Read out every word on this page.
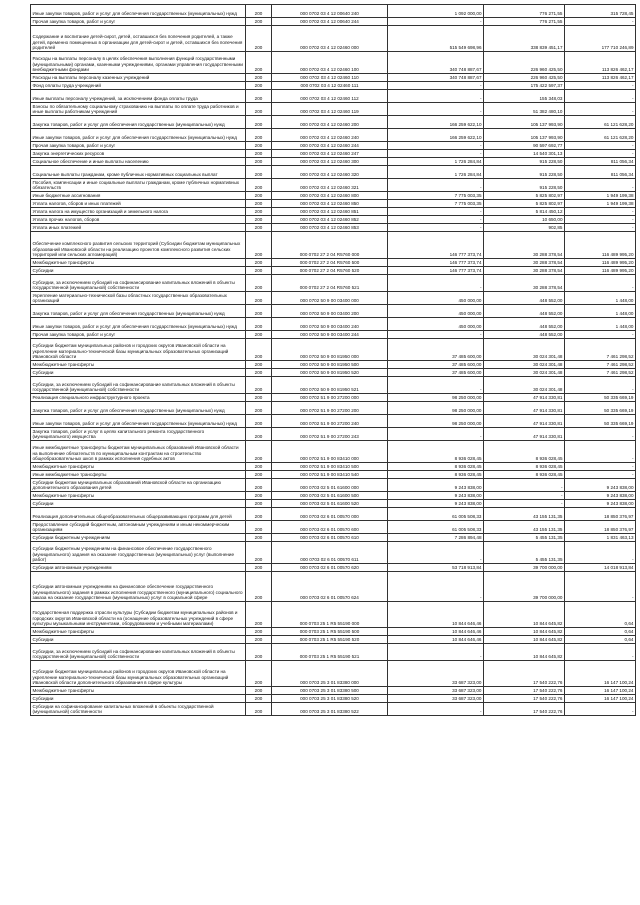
Иные закупки товаров, работ и услуг для обеспечения государственных (муниципальных) нужд	200	000 0702 03 4 12 00640 240	1 092 000,00	776 271,55	315 728,45
Прочая закупка товаров, работ и услуг	200	000 0702 03 4 12 00640 244	-	776 271,55	-
Содержание и воспитание детей-сирот, детей, оставшихся без попечения родителей, а также детей, временно помещенных в организации для детей-сирот и детей, оставшихся без попечения родителей	200	000 0702 03 4 12 02460 000	515 549 698,96	338 839 451,17	177 710 246,89
Расходы на выплаты персоналу в целях обеспечения выполнения функций государственными (муниципальными) органами, казенными учреждениями, органами управления государственными внебюджетными фондами	200	000 0702 03 4 12 02460 100	340 748 887,67	226 960 425,50	113 826 462,17
Расходы на выплаты персоналу казенных учреждений	200	000 0702 03 4 12 02460 110	340 748 887,67	226 960 425,50	113 826 462,17
Фонд оплаты труда учреждений	200	000 0702 03 4 12 02460 111	-	175 422 597,37	-
Иные выплаты персоналу учреждений, за исключением фонда оплаты труда	200	000 0702 03 4 12 02460 112	-	155 348,03	-
Взносы по обязательному социальному страхованию на выплаты по оплате труда работников и иные выплаты работникам учреждений	200	000 0702 03 4 12 02460 119	-	51 382 480,10	-
Закупка товаров, работ и услуг для обеспечения государственных (муниципальных) нужд	200	000 0702 03 4 12 02460 200	166 259 622,10	105 137 993,90	61 121 628,20
Иные закупки товаров, работ и услуг для обеспечения государственных (муниципальных) нужд	200	000 0702 03 4 12 02460 240	166 259 622,10	105 137 993,90	61 121 628,20
Прочая закупка товаров, работ и услуг	200	000 0702 03 4 12 02460 244	-	90 597 692,77	-
Закупка энергетических ресурсов	200	000 0702 03 4 12 02460 247	-	14 540 301,13	-
Социальное обеспечение и иные выплаты населению	200	000 0702 03 4 12 02460 300	1 726 284,84	915 228,50	811 056,34
Социальные выплаты гражданам, кроме публичных нормативных социальных выплат	200	000 0702 03 4 12 02460 320	1 726 284,84	915 228,50	811 056,34
Пособия, компенсации и иные социальные выплаты гражданам, кроме публичных нормативных обязательств	200	000 0702 03 4 12 02460 321	-	915 228,50	-
Иные бюджетные ассигнования	200	000 0702 03 4 12 02460 800	7 775 003,35	5 825 802,97	1 949 199,38
Уплата налогов, сборов и иных платежей	200	000 0702 03 4 12 02460 850	7 775 003,35	5 825 802,97	1 949 199,38
Уплата налога на имущество организаций и земельного налога	200	000 0702 03 4 12 02460 851	-	5 814 450,12	-
Уплата прочих налогов, сборов	200	000 0702 03 4 12 02460 852	-	10 650,00	-
Уплата иных платежей	200	000 0702 03 4 12 02460 853	-	902,85	-
Обеспечение комплексного развития сельских территорий (Субсидии бюджетам муниципальных образований Ивановской области на реализацию проектов комплексного развития сельских территорий или сельских агломераций)	200	000 0702 27 2 04 R5760 000	146 777 373,74	30 288 378,54	116 489 995,20
Межбюджетные трансферты	200	000 0702 27 2 04 R5760 500	146 777 373,74	30 288 378,54	116 489 995,20
Субсидии	200	000 0702 27 2 04 R5760 520	146 777 373,74	30 288 378,54	116 489 995,20
Субсидии, за исключением субсидий на софинансирование капитальных вложений в объекты государственной (муниципальной) собственности	200	000 0702 27 2 04 R5760 521	-	30 288 378,54	-
Укрепление материально-технической базы областных государственных образовательных организаций	200	000 0702 50 9 00 03400 000	450 000,00	448 552,00	1 448,00
Закупка товаров, работ и услуг для обеспечения государственных (муниципальных) нужд	200	000 0702 50 9 00 03400 200	450 000,00	448 552,00	1 448,00
Иные закупки товаров, работ и услуг для обеспечения государственных (муниципальных) нужд	200	000 0702 50 9 00 03400 240	450 000,00	448 552,00	1 448,00
Прочая закупка товаров, работ и услуг	200	000 0702 50 9 00 03400 244	-	448 552,00	-
Субсидии бюджетам муниципальных районов и городских округов Ивановской области на укрепление материально-технической базы муниципальных образовательных организаций Ивановской области	200	000 0702 50 9 00 81950 000	37 485 600,00	30 024 301,48	7 461 298,52
Межбюджетные трансферты	200	000 0702 50 9 00 81950 500	37 485 600,00	30 024 301,48	7 461 298,52
Субсидии	200	000 0702 50 9 00 81950 520	37 485 600,00	30 024 301,48	7 461 298,52
Субсидии, за исключением субсидий на софинансирование капитальных вложений в объекты государственной (муниципальной) собственности	200	000 0702 50 9 00 81950 521	-	30 024 301,48	-
Реализация специального инфраструктурного проекта	200	000 0702 51 9 00 27200 000	98 250 000,00	47 914 330,81	50 335 669,19
Закупка товаров, работ и услуг для обеспечения государственных (муниципальных) нужд	200	000 0702 51 9 00 27200 200	98 250 000,00	47 914 330,81	50 335 669,19
Иные закупки товаров, работ и услуг для обеспечения государственных (муниципальных) нужд	200	000 0702 51 9 00 27200 240	98 250 000,00	47 914 330,81	50 335 669,19
Закупка товаров, работ и услуг в целях капитального ремонта государственного (муниципального) имущества	200	000 0702 51 9 00 27200 243	-	47 914 330,81	-
Иные межбюджетные трансферты бюджетам муниципальных образований Ивановской области на выполнение обязательств по муниципальным контрактам на строительство общеобразовательных школ в рамках исполнения судебных актов	200	000 0702 51 9 00 83410 000	8 936 028,45	8 936 028,45	-
Межбюджетные трансферты	200	000 0702 51 9 00 83410 500	8 936 028,45	8 936 028,45	-
Иные межбюджетные трансферты	200	000 0702 51 9 00 83410 540	8 936 028,45	8 936 028,45	-
Субсидии бюджетам муниципальных образований Ивановской области на организацию дополнительного образования детей	200	000 0703 02 5 01 61600 000	9 243 838,00	-	9 243 838,00
Межбюджетные трансферты	200	000 0703 02 5 01 61600 500	9 243 838,00	-	9 243 838,00
Субсидии	200	000 0703 02 5 01 61600 520	9 243 838,00	-	9 243 838,00
Реализация дополнительных общеобразовательных общеразвивающих программ для детей	200	000 0703 02 6 01 00570 000	61 005 508,33	43 155 131,35	18 850 376,97
Предоставление субсидий бюджетным, автономным учреждениям и иным некоммерческим организациям	200	000 0703 02 6 01 00570 600	61 005 508,33	43 155 131,35	18 850 376,97
Субсидии бюджетным учреждениям	200	000 0703 02 6 01 00570 610	7 286 894,48	5 455 131,35	1 831 463,13
Субсидии бюджетным учреждениям на финансовое обеспечение государственного (муниципального) задания на оказание государственных (муниципальных) услуг (выполнение работ)	200	000 0703 02 6 01 00570 611	-	5 455 131,35	-
Субсидии автономным учреждениям	200	000 0703 02 6 01 00570 620	53 718 913,84	39 700 000,00	14 018 913,84
Субсидии автономным учреждениям на финансовое обеспечение государственного (муниципального) задания в рамках исполнения государственного (муниципального) социального заказа на оказание государственных (муниципальных) услуг в социальной сфере	200	000 0703 02 6 01 00570 624	-	39 700 000,00	-
Государственная поддержка отрасли культуры (Субсидии бюджетам муниципальных районов и городских округов Ивановской области на (оснащение образовательных учреждений в сфере культуры музыкальными инструментами, оборудованием и учебными материалами)	200	000 0703 25 1 R5 55190 000	10 844 646,46	10 844 645,82	0,64
Межбюджетные трансферты	200	000 0703 25 1 R5 55190 500	10 844 646,46	10 844 645,82	0,64
Субсидии	200	000 0703 25 1 R5 55190 520	10 844 646,46	10 844 645,82	0,64
Субсидии, за исключением субсидий на софинансирование капитальных вложений в объекты государственной (муниципальной) собственности	200	000 0703 25 1 R5 55190 521	-	10 844 645,82	-
Субсидии бюджетам муниципальных районов и городских округов Ивановской области на укрепление материально-технической базы муниципальных образовательных организаций Ивановской области дополнительного образования в сфере культуры	200	000 0703 25 3 01 83380 000	33 687 323,00	17 540 222,76	16 147 100,24
Межбюджетные трансферты	200	000 0703 25 3 01 83380 500	33 687 323,00	17 540 222,76	16 147 100,24
Субсидии	200	000 0703 25 3 01 83380 520	33 687 323,00	17 540 222,76	16 147 100,24
Субсидии на софинансирование капитальных вложений в объекты государственной (муниципальной) собственности	200	000 0703 25 3 01 83380 522	-	17 540 222,76	-
